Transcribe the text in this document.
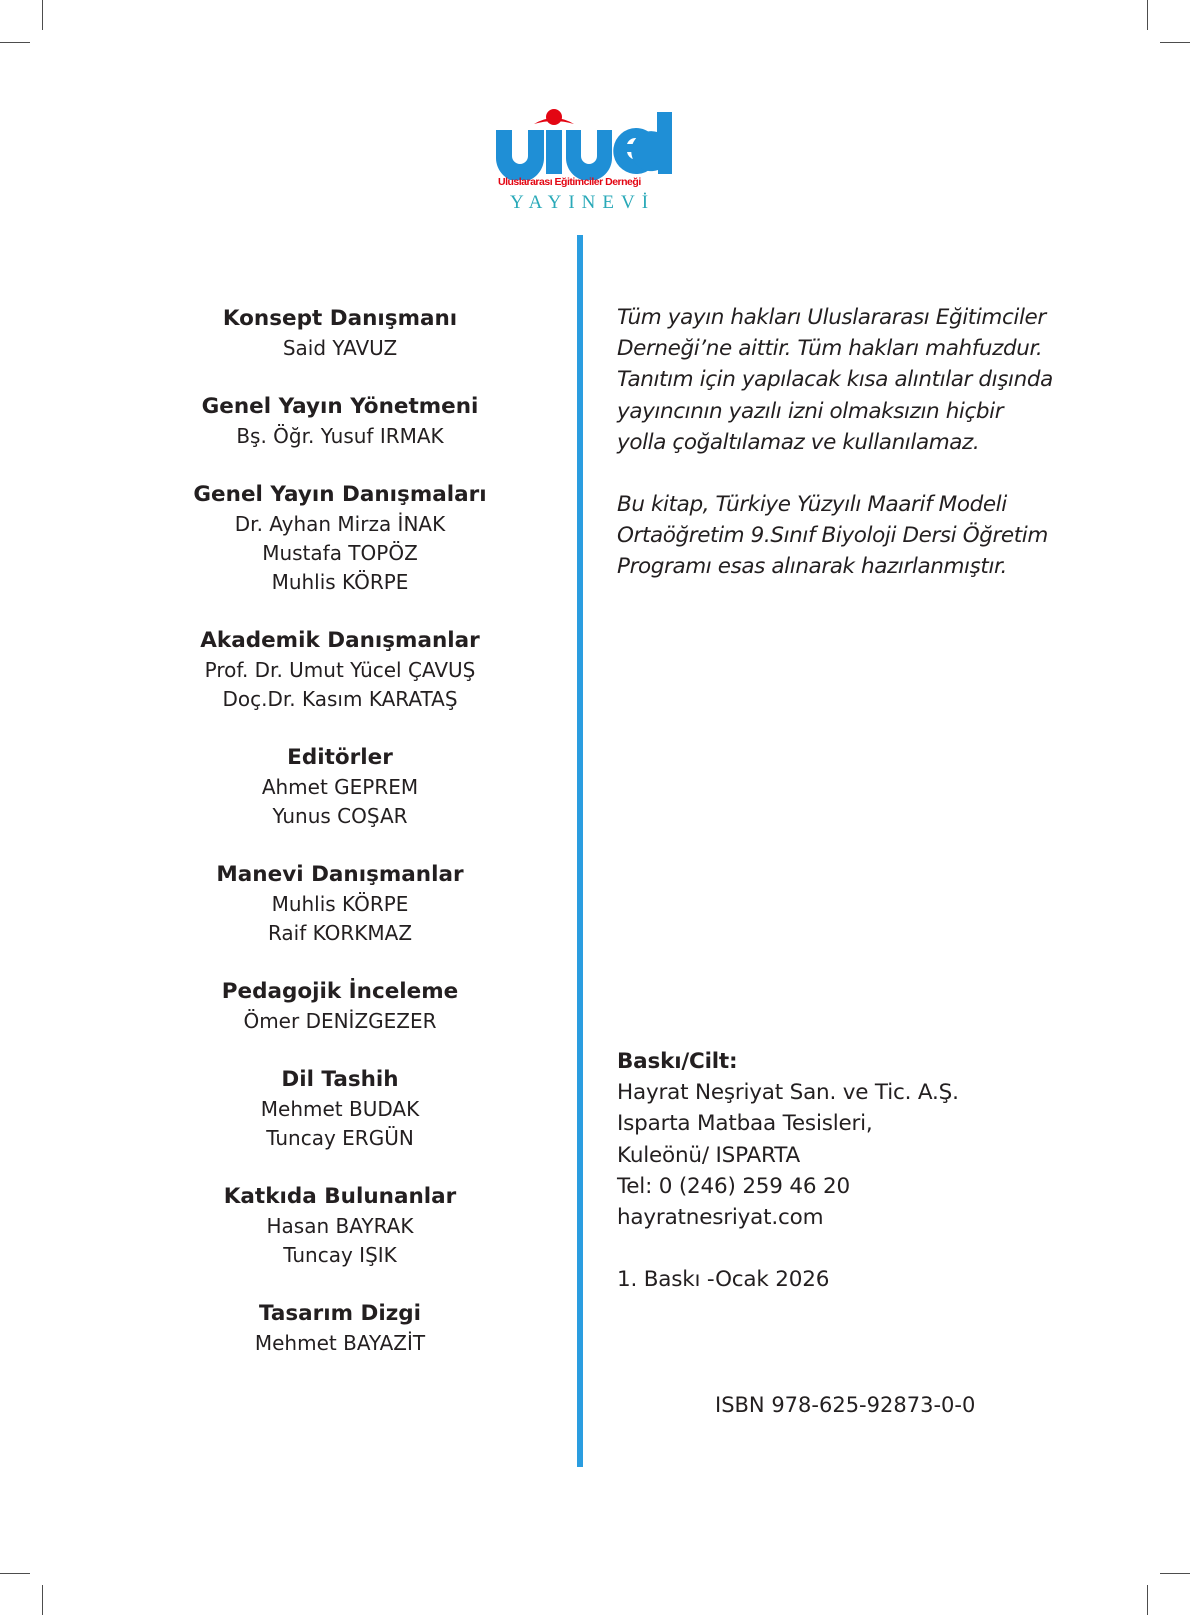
Uluslararası Eğitimciler Derneği
YAYINEVİ
Konsept Danışmanı
Said YAVUZ
Genel Yayın Yönetmeni
Bş. Öğr. Yusuf IRMAK
Genel Yayın Danışmaları
Dr. Ayhan Mirza İNAK
Mustafa TOPÖZ
Muhlis KÖRPE
Akademik Danışmanlar
Prof. Dr. Umut Yücel ÇAVUŞ
Doç.Dr. Kasım KARATAŞ
Editörler
Ahmet GEPREM
Yunus COŞAR
Manevi Danışmanlar
Muhlis KÖRPE
Raif KORKMAZ
Pedagojik İnceleme
Ömer DENİZGEZER
Dil Tashih
Mehmet BUDAK
Tuncay ERGÜN
Katkıda Bulunanlar
Hasan BAYRAK
Tuncay IŞIK
Tasarım Dizgi
Mehmet BAYAZİT

Tüm yayın hakları Uluslararası Eğitimciler
Derneği’ne aittir. Tüm hakları mahfuzdur.
Tanıtım için yapılacak kısa alıntılar dışında
yayıncının yazılı izni olmaksızın hiçbir
yolla çoğaltılamaz ve kullanılamaz.

Bu kitap, Türkiye Yüzyılı Maarif Modeli
Ortaöğretim 9.Sınıf Biyoloji Dersi Öğretim
Programı esas alınarak hazırlanmıştır.

Baskı/Cilt:
Hayrat Neşriyat San. ve Tic. A.Ş.
Isparta Matbaa Tesisleri,
Kuleönü/ ISPARTA
Tel: 0 (246) 259 46 20
hayratnesriyat.com
1. Baskı -Ocak 2026
ISBN 978-625-92873-0-0
